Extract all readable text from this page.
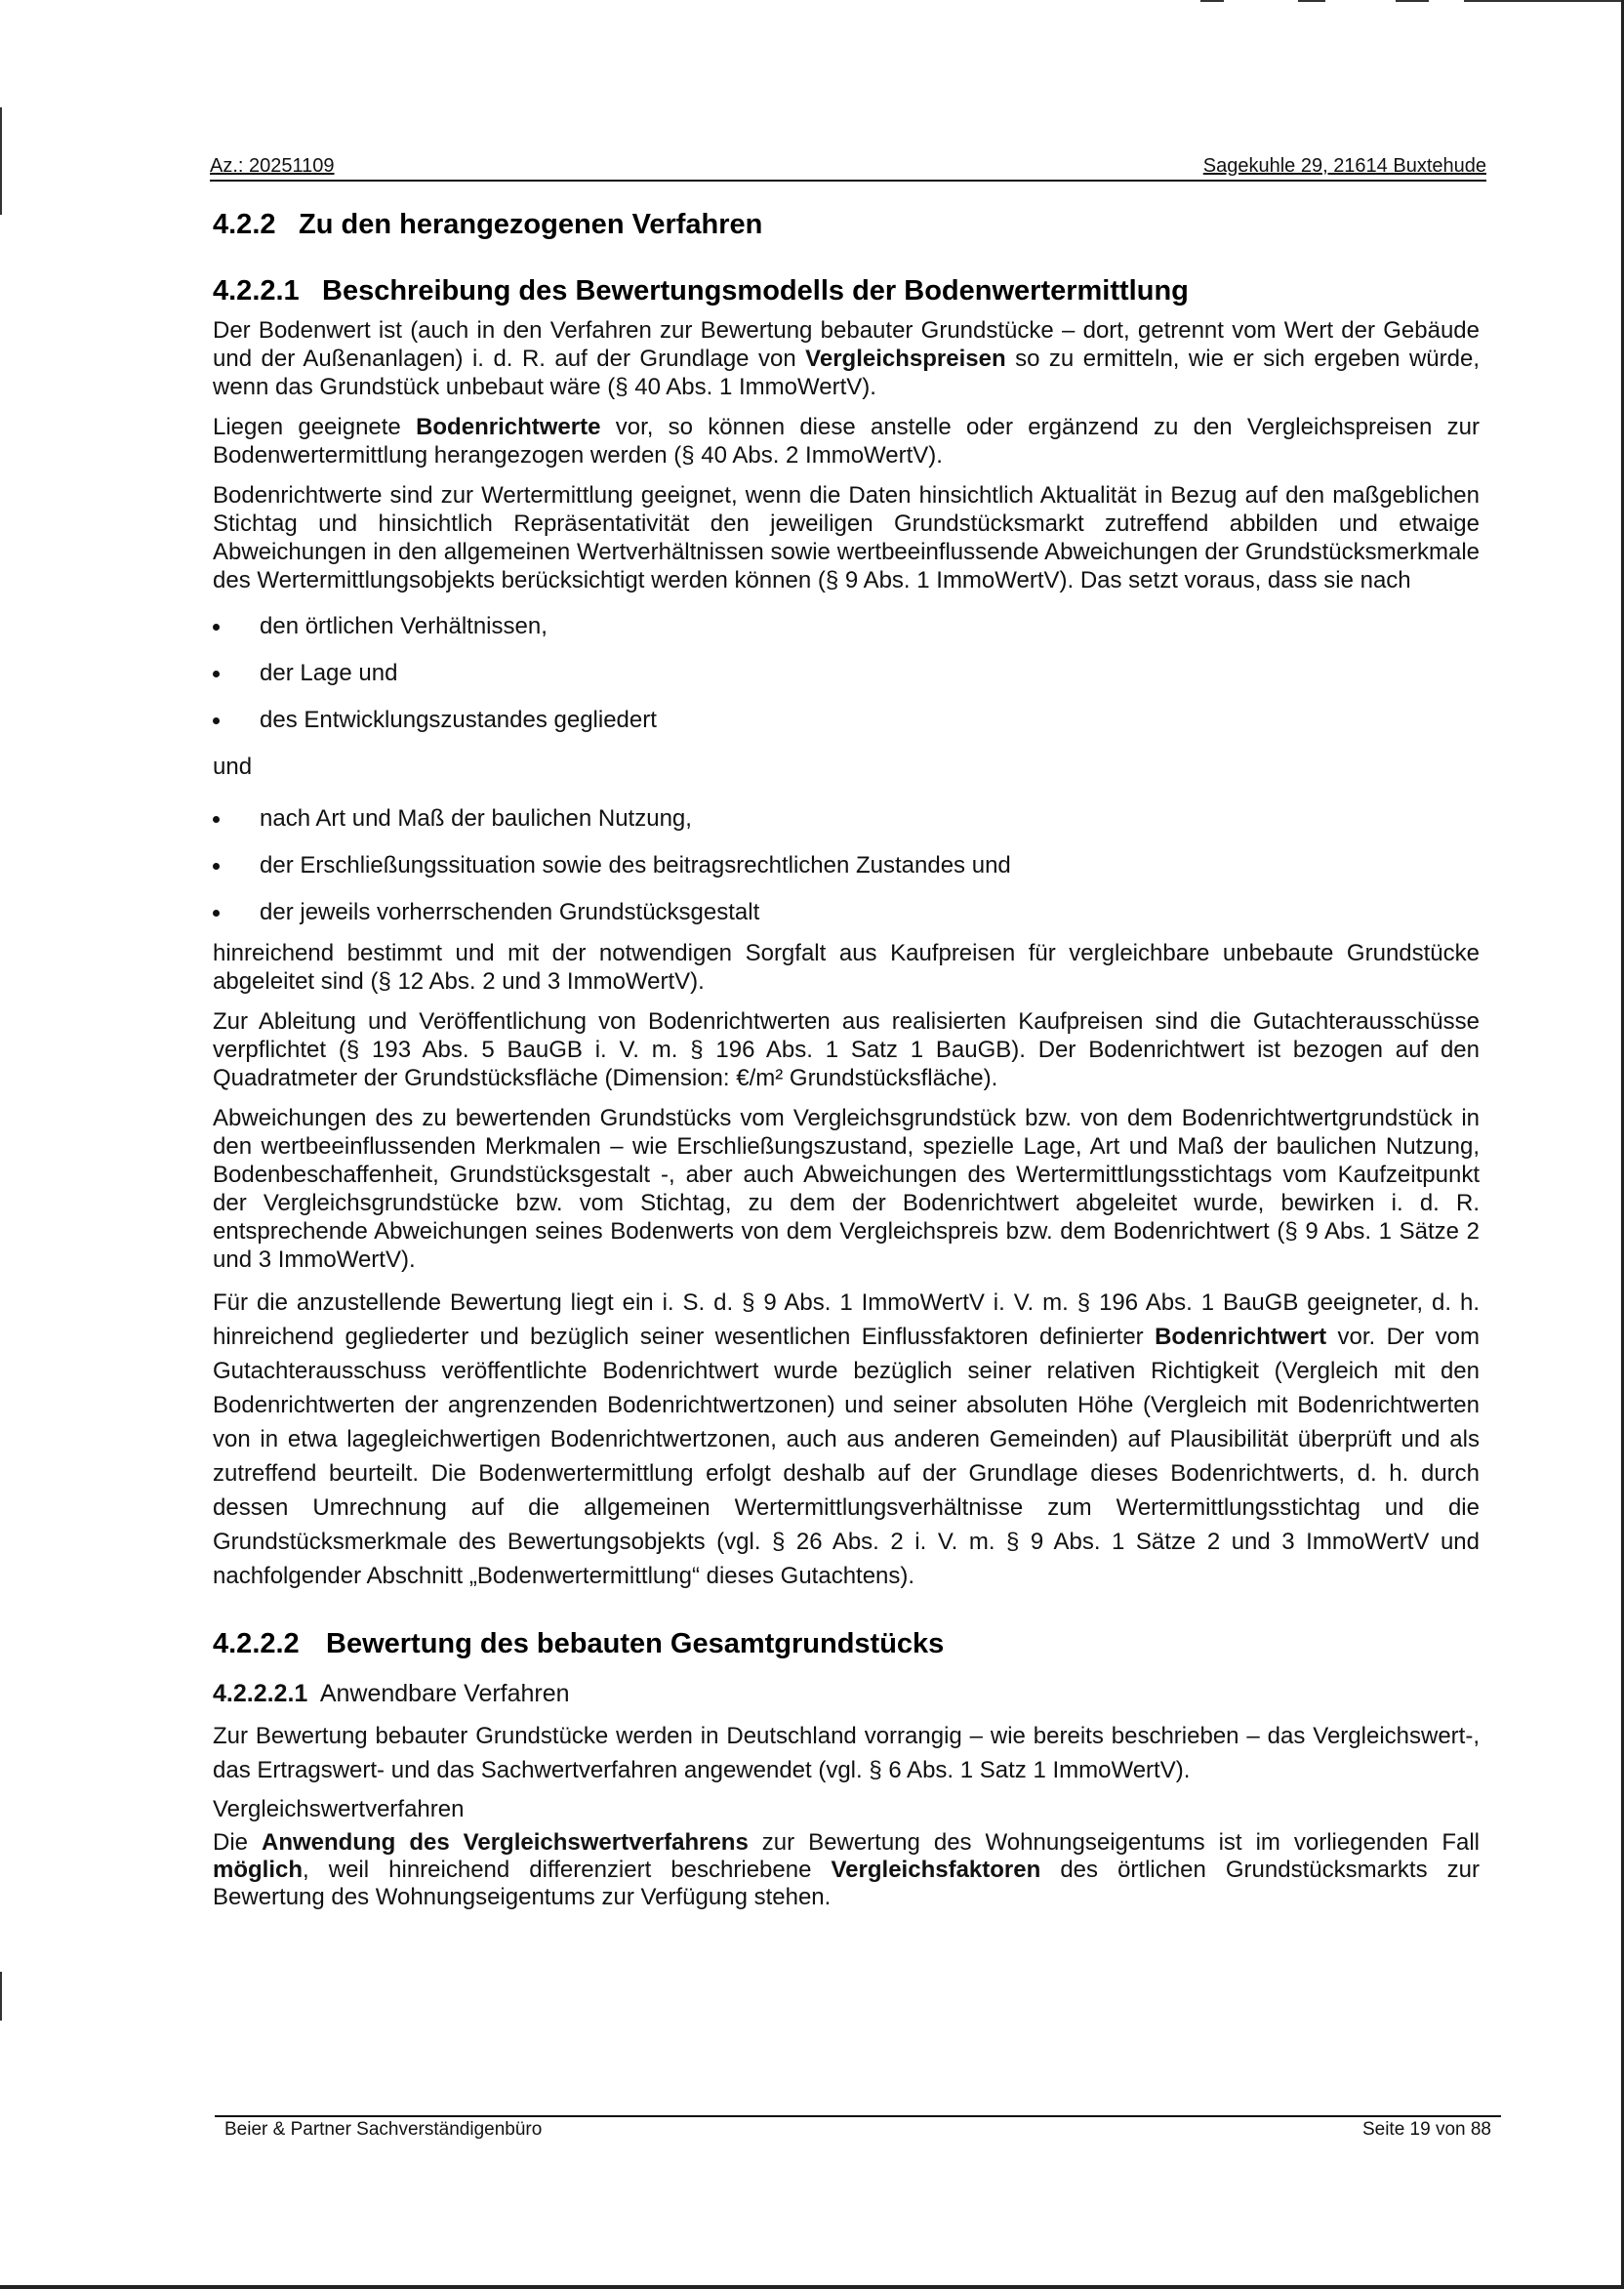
Az.: 20251109	Sagekuhle 29, 21614 Buxtehude
4.2.2 Zu den herangezogenen Verfahren
4.2.2.1 Beschreibung des Bewertungsmodells der Bodenwertermittlung

Der Bodenwert ist (auch in den Verfahren zur Bewertung bebauter Grundstücke – dort, getrennt vom Wert der Gebäude und der Außenanlagen) i. d. R. auf der Grundlage von Vergleichspreisen so zu ermitteln, wie er sich ergeben würde, wenn das Grundstück unbebaut wäre (§ 40 Abs. 1 ImmoWertV).

Liegen geeignete Bodenrichtwerte vor, so können diese anstelle oder ergänzend zu den Vergleichspreisen zur Bodenwertermittlung herangezogen werden (§ 40 Abs. 2 ImmoWertV).

Bodenrichtwerte sind zur Wertermittlung geeignet, wenn die Daten hinsichtlich Aktualität in Bezug auf den maßgeblichen Stichtag und hinsichtlich Repräsentativität den jeweiligen Grundstücksmarkt zutreffend abbilden und etwaige Abweichungen in den allgemeinen Wertverhältnissen sowie wertbeeinflussende Abweichungen der Grundstücksmerkmale des Wertermittlungsobjekts berücksichtigt werden können (§ 9 Abs. 1 ImmoWertV). Das setzt voraus, dass sie nach

den örtlichen Verhältnissen,
der Lage und
des Entwicklungszustandes gegliedert
und
nach Art und Maß der baulichen Nutzung,
der Erschließungssituation sowie des beitragsrechtlichen Zustandes und
der jeweils vorherrschenden Grundstücksgestalt

hinreichend bestimmt und mit der notwendigen Sorgfalt aus Kaufpreisen für vergleichbare unbebaute Grundstücke abgeleitet sind (§ 12 Abs. 2 und 3 ImmoWertV).

Zur Ableitung und Veröffentlichung von Bodenrichtwerten aus realisierten Kaufpreisen sind die Gutachterausschüsse verpflichtet (§ 193 Abs. 5 BauGB i. V. m. § 196 Abs. 1 Satz 1 BauGB). Der Bodenrichtwert ist bezogen auf den Quadratmeter der Grundstücksfläche (Dimension: €/m² Grundstücksfläche).

Abweichungen des zu bewertenden Grundstücks vom Vergleichsgrundstück bzw. von dem Bodenrichtwertgrundstück in den wertbeeinflussenden Merkmalen – wie Erschließungszustand, spezielle Lage, Art und Maß der baulichen Nutzung, Bodenbeschaffenheit, Grundstücksgestalt -, aber auch Abweichungen des Wertermittlungsstichtags vom Kaufzeitpunkt der Vergleichsgrundstücke bzw. vom Stichtag, zu dem der Bodenrichtwert abgeleitet wurde, bewirken i. d. R. entsprechende Abweichungen seines Bodenwerts von dem Vergleichspreis bzw. dem Bodenrichtwert (§ 9 Abs. 1 Sätze 2 und 3 ImmoWertV).

Für die anzustellende Bewertung liegt ein i. S. d. § 9 Abs. 1 ImmoWertV i. V. m. § 196 Abs. 1 BauGB geeigneter, d. h. hinreichend gegliederter und bezüglich seiner wesentlichen Einflussfaktoren definierter Bodenrichtwert vor. Der vom Gutachterausschuss veröffentlichte Bodenrichtwert wurde bezüglich seiner relativen Richtigkeit (Vergleich mit den Bodenrichtwerten der angrenzenden Bodenrichtwertzonen) und seiner absoluten Höhe (Vergleich mit Bodenrichtwerten von in etwa lagegleichwertigen Bodenrichtwertzonen, auch aus anderen Gemeinden) auf Plausibilität überprüft und als zutreffend beurteilt. Die Bodenwertermittlung erfolgt deshalb auf der Grundlage dieses Bodenrichtwerts, d. h. durch dessen Umrechnung auf die allgemeinen Wertermittlungsverhältnisse zum Wertermittlungsstichtag und die Grundstücksmerkmale des Bewertungsobjekts (vgl. § 26 Abs. 2 i. V. m. § 9 Abs. 1 Sätze 2 und 3 ImmoWertV und nachfolgender Abschnitt „Bodenwertermittlung“ dieses Gutachtens).

4.2.2.2 Bewertung des bebauten Gesamtgrundstücks
4.2.2.2.1 Anwendbare Verfahren

Zur Bewertung bebauter Grundstücke werden in Deutschland vorrangig – wie bereits beschrieben – das Vergleichswert-, das Ertragswert- und das Sachwertverfahren angewendet (vgl. § 6 Abs. 1 Satz 1 ImmoWertV).

Vergleichswertverfahren

Die Anwendung des Vergleichswertverfahrens zur Bewertung des Wohnungseigentums ist im vorliegenden Fall möglich, weil hinreichend differenziert beschriebene Vergleichsfaktoren des örtlichen Grundstücksmarkts zur Bewertung des Wohnungseigentums zur Verfügung stehen.

Beier & Partner Sachverständigenbüro	Seite 19 von 88
